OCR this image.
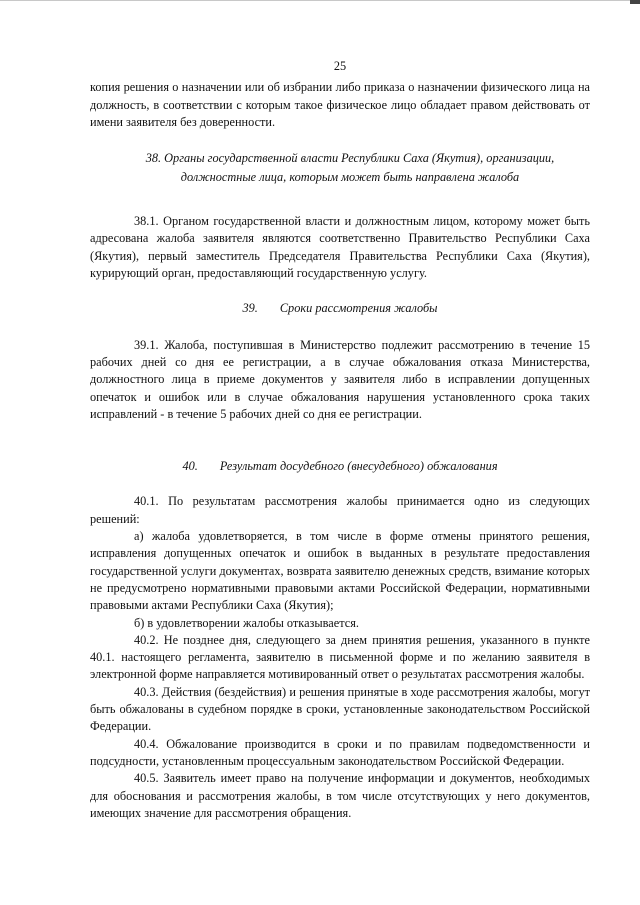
25

копия решения о назначении или об избрании либо приказа о назначении физического лица на должность, в соответствии с которым такое физическое лицо обладает правом действовать от имени заявителя без доверенности.

38. Органы государственной власти Республики Саха (Якутия), организации,
должностные лица, которым может быть направлена жалоба

38.1. Органом государственной власти и должностным лицом, которому может быть адресована жалоба заявителя являются соответственно Правительство Республики Саха (Якутия), первый заместитель Председателя Правительства Республики Саха (Якутия), курирующий орган, предоставляющий государственную услугу.

39. Сроки рассмотрения жалобы

39.1. Жалоба, поступившая в Министерство подлежит рассмотрению в течение 15 рабочих дней со дня ее регистрации, а в случае обжалования отказа Министерства, должностного лица в приеме документов у заявителя либо в исправлении допущенных опечаток и ошибок или в случае обжалования нарушения установленного срока таких исправлений - в течение 5 рабочих дней со дня ее регистрации.

40. Результат досудебного (внесудебного) обжалования

40.1. По результатам рассмотрения жалобы принимается одно из следующих решений:

а) жалоба удовлетворяется, в том числе в форме отмены принятого решения, исправления допущенных опечаток и ошибок в выданных в результате предоставления государственной услуги документах, возврата заявителю денежных средств, взимание которых не предусмотрено нормативными правовыми актами Российской Федерации, нормативными правовыми актами Республики Саха (Якутия);

б) в удовлетворении жалобы отказывается.

40.2. Не позднее дня, следующего за днем принятия решения, указанного в пункте 40.1. настоящего регламента, заявителю в письменной форме и по желанию заявителя в электронной форме направляется мотивированный ответ о результатах рассмотрения жалобы.

40.3. Действия (бездействия) и решения принятые в ходе рассмотрения жалобы, могут быть обжалованы в судебном порядке в сроки, установленные законодательством Российской Федерации.

40.4. Обжалование производится в сроки и по правилам подведомственности и подсудности, установленным процессуальным законодательством Российской Федерации.

40.5. Заявитель имеет право на получение информации и документов, необходимых для обоснования и рассмотрения жалобы, в том числе отсутствующих у него документов, имеющих значение для рассмотрения обращения.
